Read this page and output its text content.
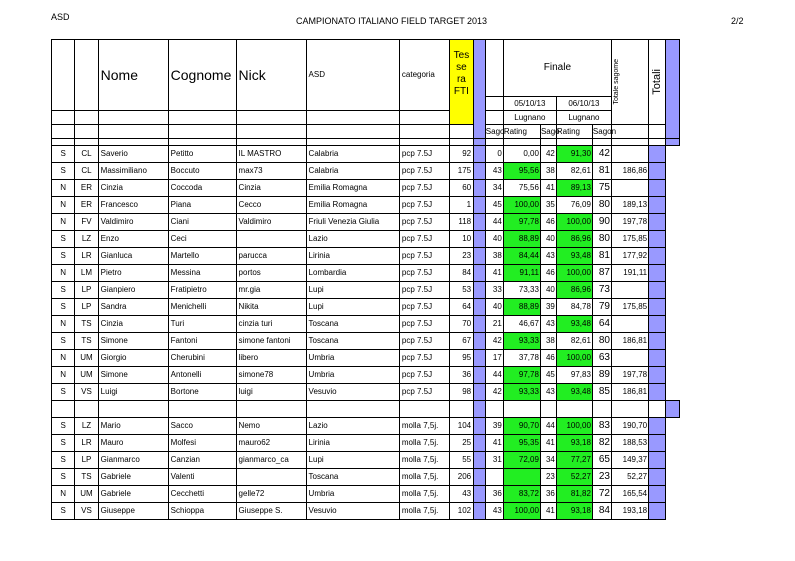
ASD	CAMPIONATO ITALIANO FIELD TARGET 2013	2/2
		Nome	Cognome	Nick	ASD	categoria	Tes se ra FTI			Finale				Totale sagome	Totali	

										05/10/13		06/10/13				
										Lugnano		Lugnano				
									Sago	Rating	Sago	Rating	Sagon			

S	CL	Saverio	Petitto	IL MASTRO	Calabria	pcp 7.5J	92		0	0,00	42	91,30	42			
S	CL	Massimiliano	Boccuto	max73	Calabria	pcp 7.5J	175		43	95,56	38	82,61	81	186,86		
N	ER	Cinzia	Coccoda	Cinzia	Emilia Romagna	pcp 7.5J	60		34	75,56	41	89,13	75			
N	ER	Francesco	Piana	Cecco	Emilia Romagna	pcp 7.5J	1		45	100,00	35	76,09	80	189,13		
N	FV	Valdimiro	Ciani	Valdimiro	Friuli Venezia Giulia	pcp 7.5J	118		44	97,78	46	100,00	90	197,78		
S	LZ	Enzo	Ceci		Lazio	pcp 7.5J	10		40	88,89	40	86,96	80	175,85		
S	LR	Gianluca	Martello	parucca	Lirinia	pcp 7.5J	23		38	84,44	43	93,48	81	177,92		
N	LM	Pietro	Messina	portos	Lombardia	pcp 7.5J	84		41	91,11	46	100,00	87	191,11		
S	LP	Gianpiero	Fratipietro	mr.gia	Lupi	pcp 7.5J	53		33	73,33	40	86,96	73			
S	LP	Sandra	Menichelli	Nikita	Lupi	pcp 7.5J	64		40	88,89	39	84,78	79	175,85		
N	TS	Cinzia	Turi	cinzia turi	Toscana	pcp 7.5J	70		21	46,67	43	93,48	64			
S	TS	Simone	Fantoni	simone fantoni	Toscana	pcp 7.5J	67		42	93,33	38	82,61	80	186,81		
N	UM	Giorgio	Cherubini	libero	Umbria	pcp 7.5J	95		17	37,78	46	100,00	63			
N	UM	Simone	Antonelli	simone78	Umbria	pcp 7.5J	36		44	97,78	45	97,83	89	197,78		
S	VS	Luigi	Bortone	luigi	Vesuvio	pcp 7.5J	98		42	93,33	43	93,48	85	186,81		

S	LZ	Mario	Sacco	Nemo	Lazio	molla 7,5j.	104		39	90,70	44	100,00	83	190,70		
S	LR	Mauro	Molfesi	mauro62	Lirinia	molla 7,5j.	25		41	95,35	41	93,18	82	188,53		
S	LP	Gianmarco	Canzian	gianmarco_ca	Lupi	molla 7,5j.	55		31	72,09	34	77,27	65	149,37		
S	TS	Gabriele	Valenti		Toscana	molla 7,5j.	206				23	52,27	23	52,27		
N	UM	Gabriele	Cecchetti	gelle72	Umbria	molla 7,5j.	43		36	83,72	36	81,82	72	165,54		
S	VS	Giuseppe	Schioppa	Giuseppe S.	Vesuvio	molla 7,5j.	102		43	100,00	41	93,18	84	193,18		
